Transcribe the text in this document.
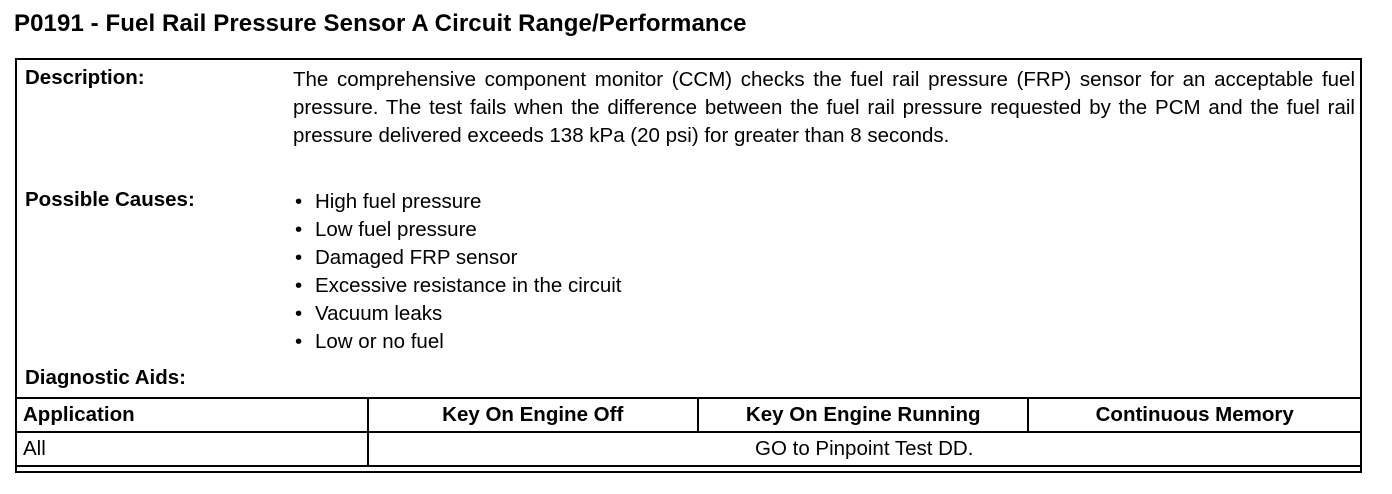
P0191 - Fuel Rail Pressure Sensor A Circuit Range/Performance
Description:	The comprehensive component monitor (CCM) checks the fuel rail pressure (FRP) sensor for an acceptable fuel pressure. The test fails when the difference between the fuel rail pressure requested by the PCM and the fuel rail pressure delivered exceeds 138 kPa (20 psi) for greater than 8 seconds.
Possible Causes:	• High fuel pressure
• Low fuel pressure
• Damaged FRP sensor
• Excessive resistance in the circuit
• Vacuum leaks
• Low or no fuel
Diagnostic Aids:
Application	Key On Engine Off	Key On Engine Running	Continuous Memory
All	GO to Pinpoint Test DD.		
